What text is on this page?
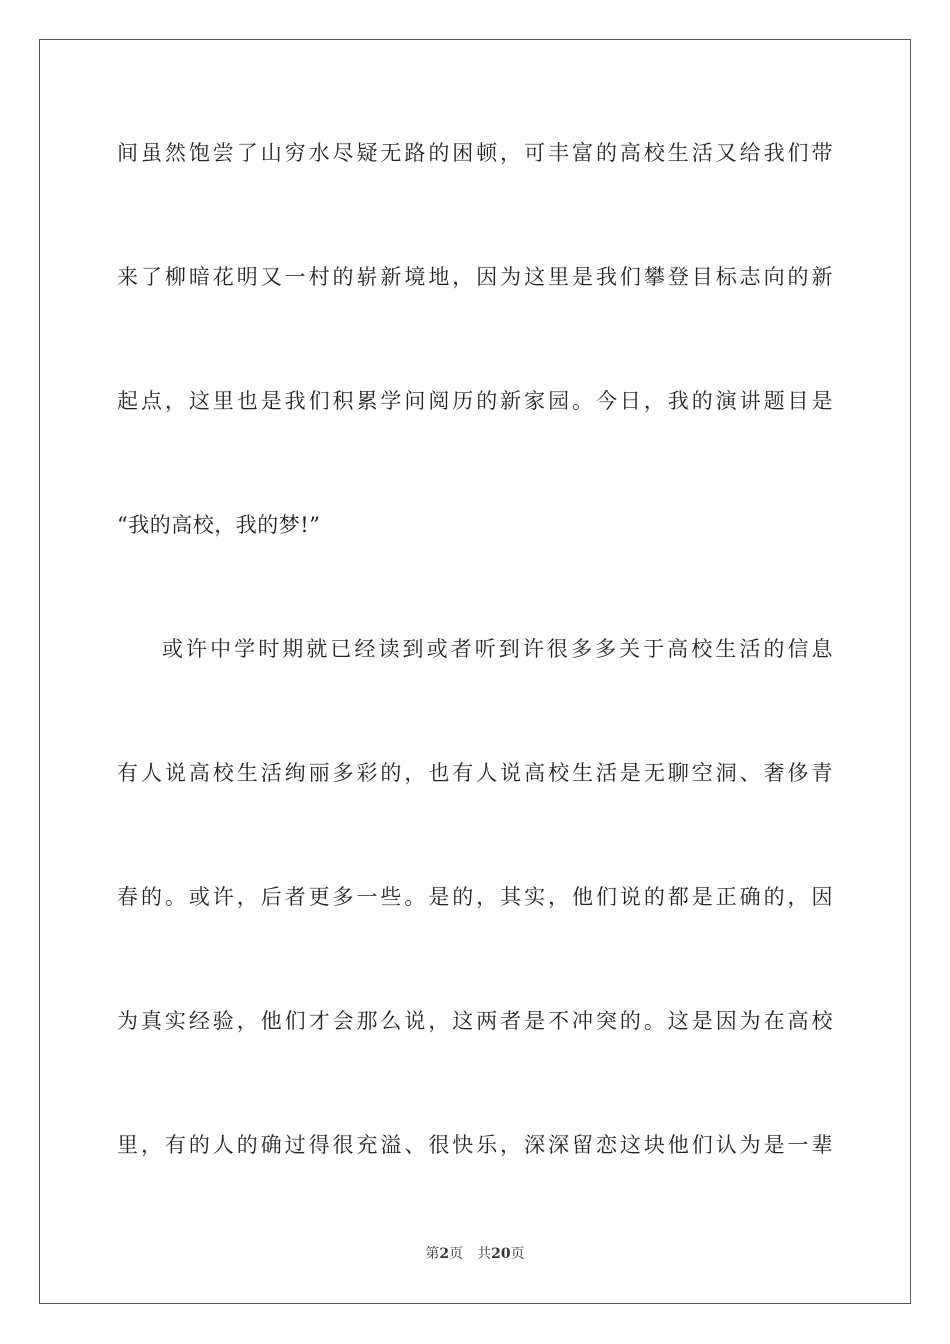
间虽然饱尝了山穷水尽疑无路的困顿，可丰富的高校生活又给我们带
来了柳暗花明又一村的崭新境地，因为这里是我们攀登目标志向的新
起点，这里也是我们积累学问阅历的新家园。今日，我的演讲题目是
“我的高校，我的梦!”
或许中学时期就已经读到或者听到许很多多关于高校生活的信息
有人说高校生活绚丽多彩的，也有人说高校生活是无聊空洞、奢侈青
春的。或许，后者更多一些。是的，其实，他们说的都是正确的，因
为真实经验，他们才会那么说，这两者是不冲突的。这是因为在高校
里，有的人的确过得很充溢、很快乐，深深留恋这块他们认为是一辈
第2页 共20页
